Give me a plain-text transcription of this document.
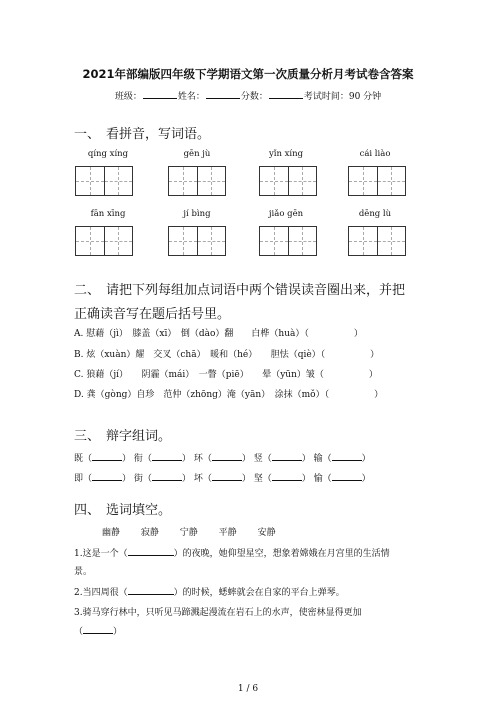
2021年部编版四年级下学期语文第一次质量分析月考试卷含答案
班级：	姓名：	分数：	考试时间：90 分钟
一、 看拼音，写词语。
qíng xíng	gēn jù	yǐn xíng	cái liào
fān xīng	jí bìng	jiǎo gēn	dēng lù
二、 请把下列每组加点词语中两个错误读音圈出来，并把
正确读音写在题后括号里。
A. 慰藉（jì）　膝盖（xī）　倒（dào）翻　　白桦（huà）（　　　　　）
B. 炫（xuàn）耀　交叉（chā）　暖和（hé）　　胆怯（qiè）（　　　　　）
C. 狼藉（jí）　　阴霾（mái）　一瞥（piē）　　晕（yūn）皱（　　　　　）
D. 龚（gòng）自珍　范仲（zhōng）淹（yān）　涂抹（mǒ）（　　　　　）
三、 辩字组词。
既（	） 衔（	） 环（	） 竖（	） 输（	）
即（	） 街（	） 坏（	） 坚（	） 愉（	）
四、 选词填空。
幽静 寂静 宁静 平静 安静
1.这是一个（	）的夜晚，她仰望星空，想象着嫦娥在月宫里的生活情
景。
2.当四周很（	）的时候，蟋蟀就会在自家的平台上弹琴。
3.骑马穿行林中，只听见马蹄溅起漫流在岩石上的水声，使密林显得更加
（	）
1 / 6
